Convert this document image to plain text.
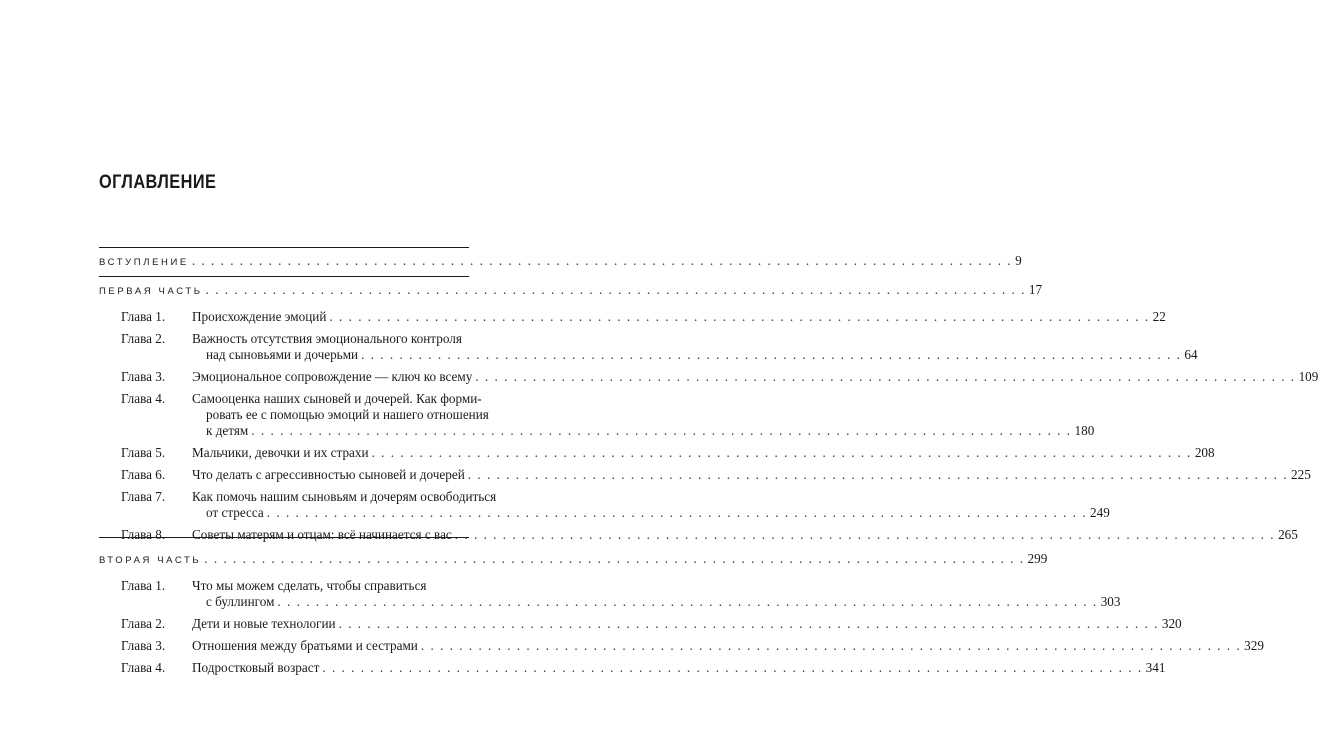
ОГЛАВЛЕНИЕ
ВСТУПЛЕНИЕ . . .	9
ПЕРВАЯ ЧАСТЬ . . .	17
Глава 1.	Происхождение эмоций . . .	22
Глава 2.	Важность отсутствия эмоционального контроля
над сыновьями и дочерьми . . .	64
Глава 3.	Эмоциональное сопровождение — ключ ко всему . . .	109
Глава 4.	Самооценка наших сыновей и дочерей. Как форми-
ровать ее с помощью эмоций и нашего отношения
к детям . . .	180
Глава 5.	Мальчики, девочки и их страхи . . .	208
Глава 6.	Что делать с агрессивностью сыновей и дочерей . . .	225
Глава 7.	Как помочь нашим сыновьям и дочерям освободиться
от стресса . . .	249
Глава 8.	Советы матерям и отцам: всё начинается с вас . . .	265
ВТОРАЯ ЧАСТЬ . . .	299
Глава 1.	Что мы можем сделать, чтобы справиться
с буллингом . . .	303
Глава 2.	Дети и новые технологии . . .	320
Глава 3.	Отношения между братьями и сестрами . . .	329
Глава 4.	Подростковый возраст . . .	341
